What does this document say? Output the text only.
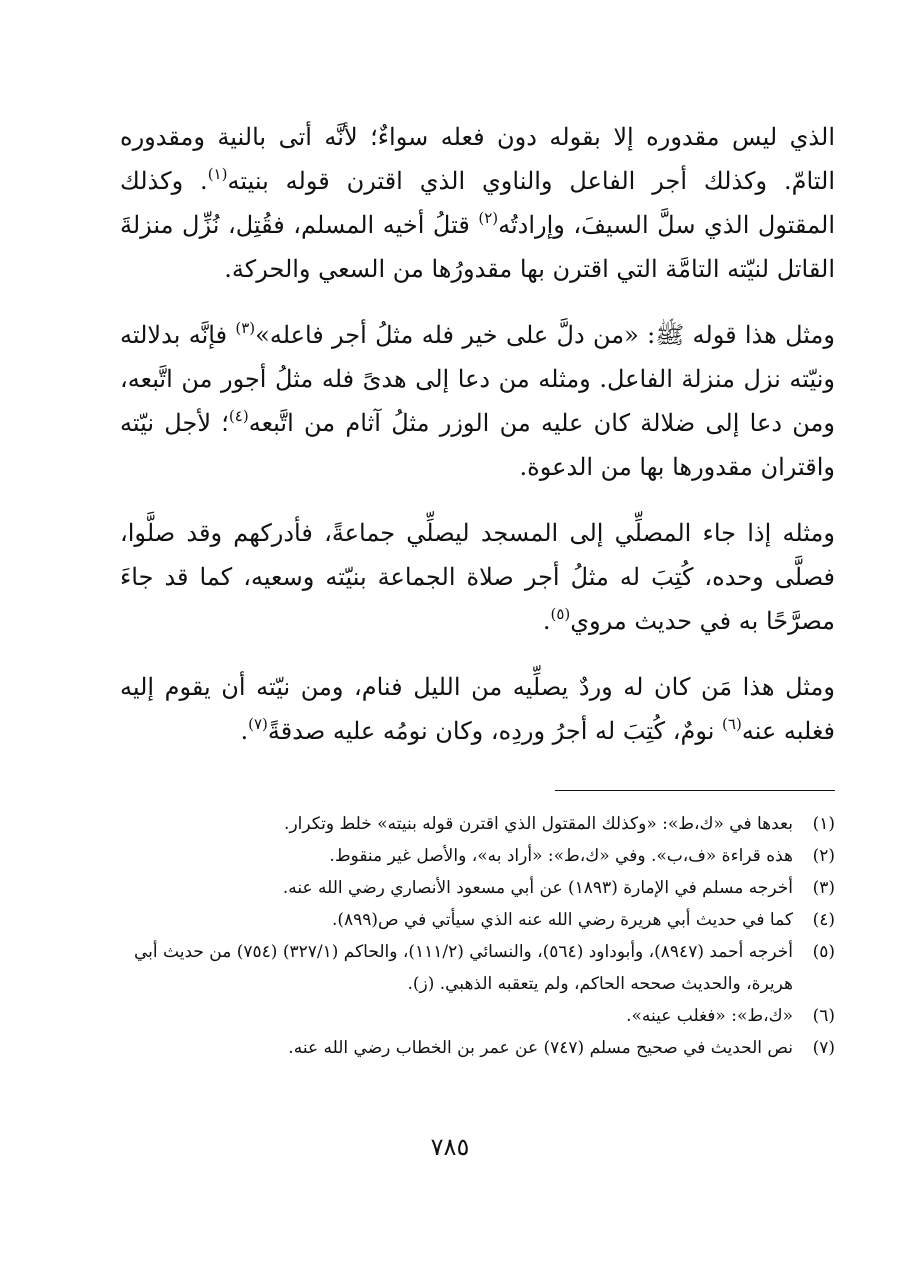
الذي ليس مقدوره إلا بقوله دون فعله سواءٌ؛ لأنَّه أتى بالنية ومقدوره التامّ. وكذلك أجر الفاعل والناوي الذي اقترن قوله بنيته$^{(١)}$. وكذلك المقتول الذي سلَّ السيفَ، وإرادتُه$^{(٢)}$ قتلُ أخيه المسلم، فقُتِل، نُزِّل منزلةَ القاتل لنيّته التامَّة التي اقترن بها مقدورُها من السعي والحركة.

ومثل هذا قوله ﷺ: «من دلَّ على خير فله مثلُ أجر فاعله»$^{(٣)}$ فإنَّه بدلالته ونيّته نزل منزلة الفاعل. ومثله من دعا إلى هدىً فله مثلُ أجور من اتَّبعه، ومن دعا إلى ضلالة كان عليه من الوزر مثلُ آثام من اتَّبعه$^{(٤)}$؛ لأجل نيّته واقتران مقدورها بها من الدعوة.

ومثله إذا جاء المصلِّي إلى المسجد ليصلِّي جماعةً، فأدركهم وقد صلَّوا، فصلَّى وحده، كُتِبَ له مثلُ أجر صلاة الجماعة بنيّته وسعيه، كما قد جاءَ مصرَّحًا به في حديث مروي$^{(٥)}$.

ومثل هذا مَن كان له وردٌ يصلِّيه من الليل فنام، ومن نيّته أن يقوم إليه فغلبه عنه$^{(٦)}$ نومٌ، كُتِبَ له أجرُ وردِه، وكان نومُه عليه صدقةً$^{(٧)}$.

(١)
بعدها في «ك،ط»: «وكذلك المقتول الذي اقترن قوله بنيته» خلط وتكرار.
(٢)
هذه قراءة «ف،ب». وفي «ك،ط»: «أراد به»، والأصل غير منقوط.
(٣)
أخرجه مسلم في الإمارة (١٨٩٣) عن أبي مسعود الأنصاري رضي الله عنه.
(٤)
كما في حديث أبي هريرة رضي الله عنه الذي سيأتي في ص(٨٩٩).
(٥)
أخرجه أحمد (٨٩٤٧)، وأبوداود (٥٦٤)، والنسائي (١١١/٢)، والحاكم (٣٢٧/١) (٧٥٤) من حديث أبي هريرة، والحديث صححه الحاكم، ولم يتعقبه الذهبي. (ز).
(٦)
«ك،ط»: «فغلب عينه».
(٧)
نص الحديث في صحيح مسلم (٧٤٧) عن عمر بن الخطاب رضي الله عنه.
٧٨٥
